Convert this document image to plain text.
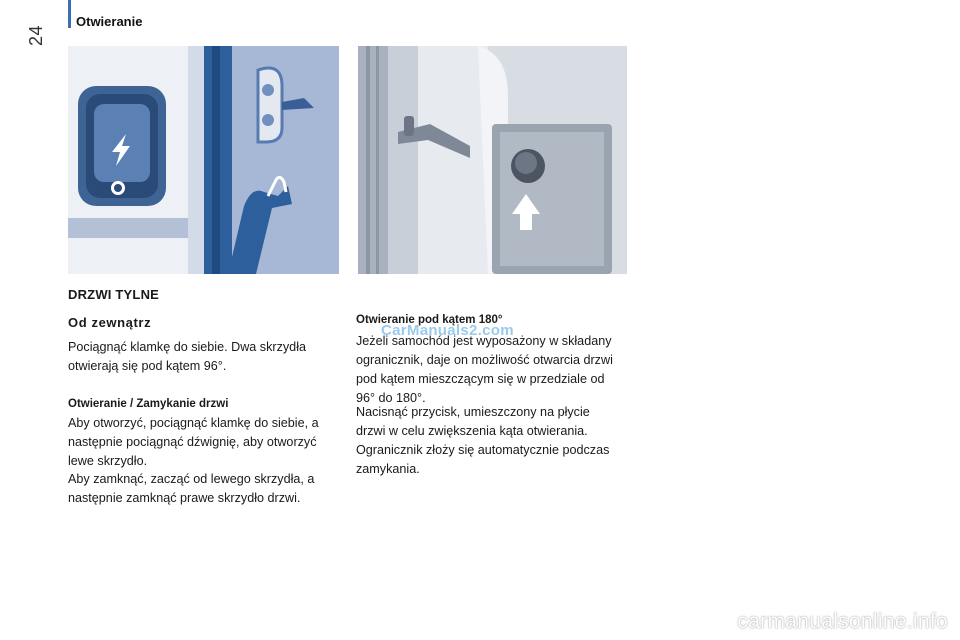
Otwieranie
24
DRZWI TYLNE
Od zewnątrz
Pociągnąć klamkę do siebie. Dwa skrzydła otwierają się pod kątem 96°.
Otwieranie / Zamykanie drzwi
Aby otworzyć, pociągnąć klamkę do siebie, a następnie pociągnąć dźwignię, aby otworzyć lewe skrzydło.
Aby zamknąć, zacząć od lewego skrzydła, a następnie zamknąć prawe skrzydło drzwi.
Otwieranie pod kątem 180°
Jeżeli samochód jest wyposażony w składany ogranicznik, daje on możliwość otwarcia drzwi pod kątem mieszczącym się w przedziale od 96° do 180°.
Nacisnąć przycisk, umieszczony na płycie drzwi w celu zwiększenia kąta otwierania.
Ogranicznik złoży się automatycznie podczas zamykania.
CarManuals2.com
carmanualsonline.info
